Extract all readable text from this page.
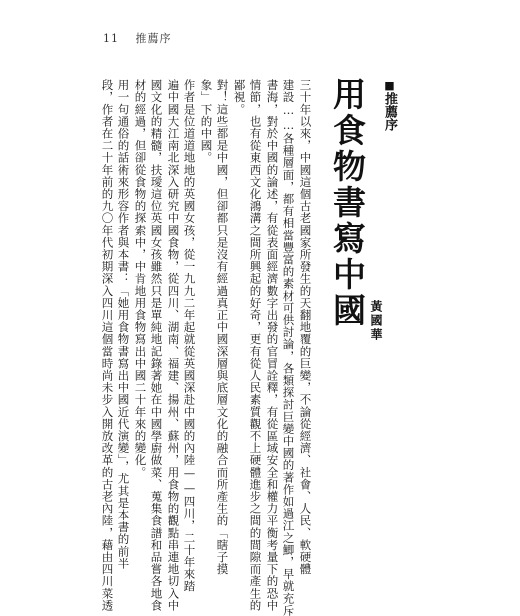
11 推薦序
■推薦序
用食物書寫中國 黃國華
三十年以來，中國這個古老國家所發生的天翻地覆的巨變，不論從經濟、社會、人民、軟硬體
建設……各種層面，都有相當豐富的素材可供討論，各類探討巨變中國的著作如過江之鯽，早就充斥
書海，對於中國的論述，有從表面經濟數字出發的官冒詮釋，有從區域安全和權力平衡考量下的恐中
情節，也有從東西文化鴻溝之間所興起的好奇，更有從人民素質觀不上硬體進步之間的間隙而產生的
鄙視。
對！這些都是中國，但卻都只是沒有經過真正中國深層與底層文化的融合而所產生的「瞎子摸
象」下的中國。
作者是位道道地地的英國女孩，從一九九二年起就從英國深赴中國的內陸——四川，二十年來踏
遍中國大江南北深入研究中國食物，從四川、湖南、福建、揚州、蘇州，用食物的觀點串連地切入中
國文化的精髓，扶璦這位英國女孩雖然只是單純地記錄著她在中國學廚做菜、蒐集食譜和品嘗各地食
材的經過，但卻從食物的探索中，中肯地用食物寫出中國二十年來的變化。
用一句通俗的話術來形容作者與本書：「她用食物書寫出中國近代演變」，尤其是本書的前半
段，作者在二十年前的九〇年代初期深入四川這個當時尚未步入開放改革的古老內陸，藉由四川菜透
